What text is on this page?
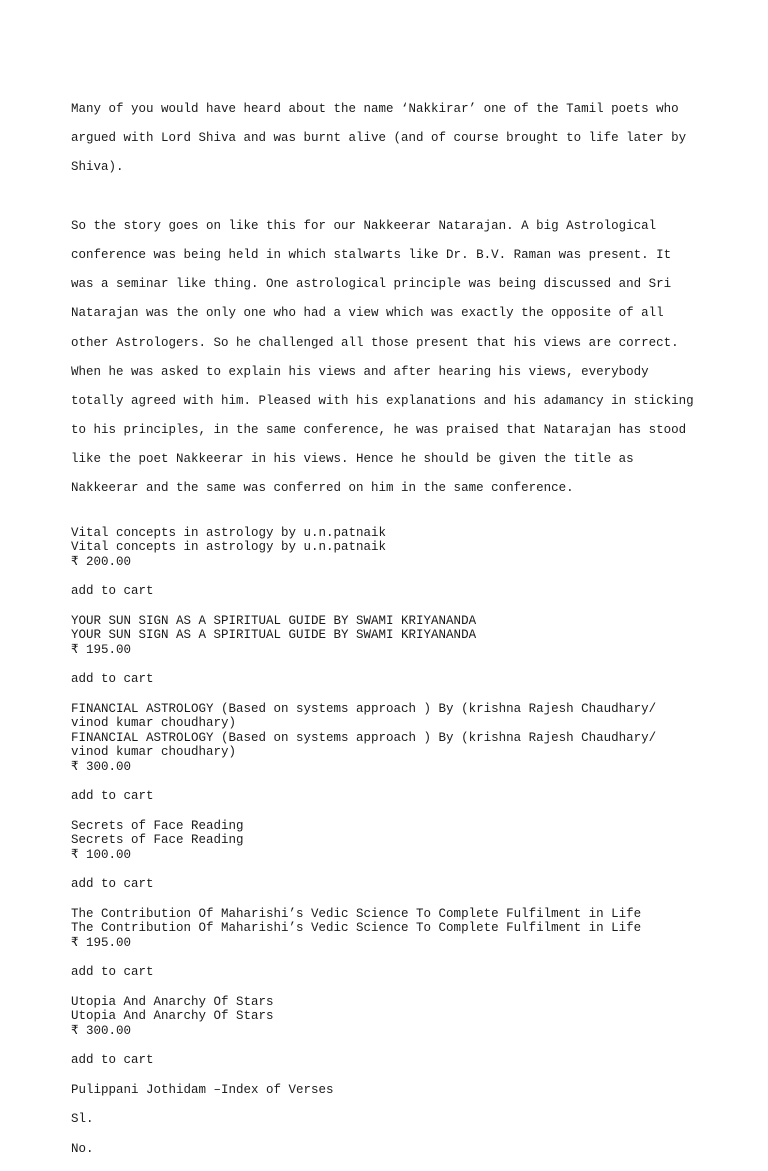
Many of you would have heard about the name ‘Nakkirar’ one of the Tamil poets who

argued with Lord Shiva and was burnt alive (and of course brought to life later by

Shiva).

So the story goes on like this for our Nakkeerar Natarajan. A big Astrological

conference was being held in which stalwarts like Dr. B.V. Raman was present. It

was a seminar like thing. One astrological principle was being discussed and Sri

Natarajan was the only one who had a view which was exactly the opposite of all

other Astrologers. So he challenged all those present that his views are correct.

When he was asked to explain his views and after hearing his views, everybody

totally agreed with him. Pleased with his explanations and his adamancy in sticking

to his principles, in the same conference, he was praised that Natarajan has stood

like the poet Nakkeerar in his views. Hence he should be given the title as

Nakkeerar and the same was conferred on him in the same conference.

Vital concepts in astrology by u.n.patnaik
Vital concepts in astrology by u.n.patnaik
₹ 200.00
add to cart
YOUR SUN SIGN AS A SPIRITUAL GUIDE BY SWAMI KRIYANANDA
YOUR SUN SIGN AS A SPIRITUAL GUIDE BY SWAMI KRIYANANDA
₹ 195.00
add to cart
FINANCIAL ASTROLOGY (Based on systems approach ) By (krishna Rajesh Chaudhary/
vinod kumar choudhary)
FINANCIAL ASTROLOGY (Based on systems approach ) By (krishna Rajesh Chaudhary/
vinod kumar choudhary)
₹ 300.00
add to cart
Secrets of Face Reading
Secrets of Face Reading
₹ 100.00
add to cart
The Contribution Of Maharishi’s Vedic Science To Complete Fulfilment in Life
The Contribution Of Maharishi’s Vedic Science To Complete Fulfilment in Life
₹ 195.00
add to cart
Utopia And Anarchy Of Stars
Utopia And Anarchy Of Stars
₹ 300.00
add to cart
Pulippani Jothidam –Index of Verses
Sl.
No.
